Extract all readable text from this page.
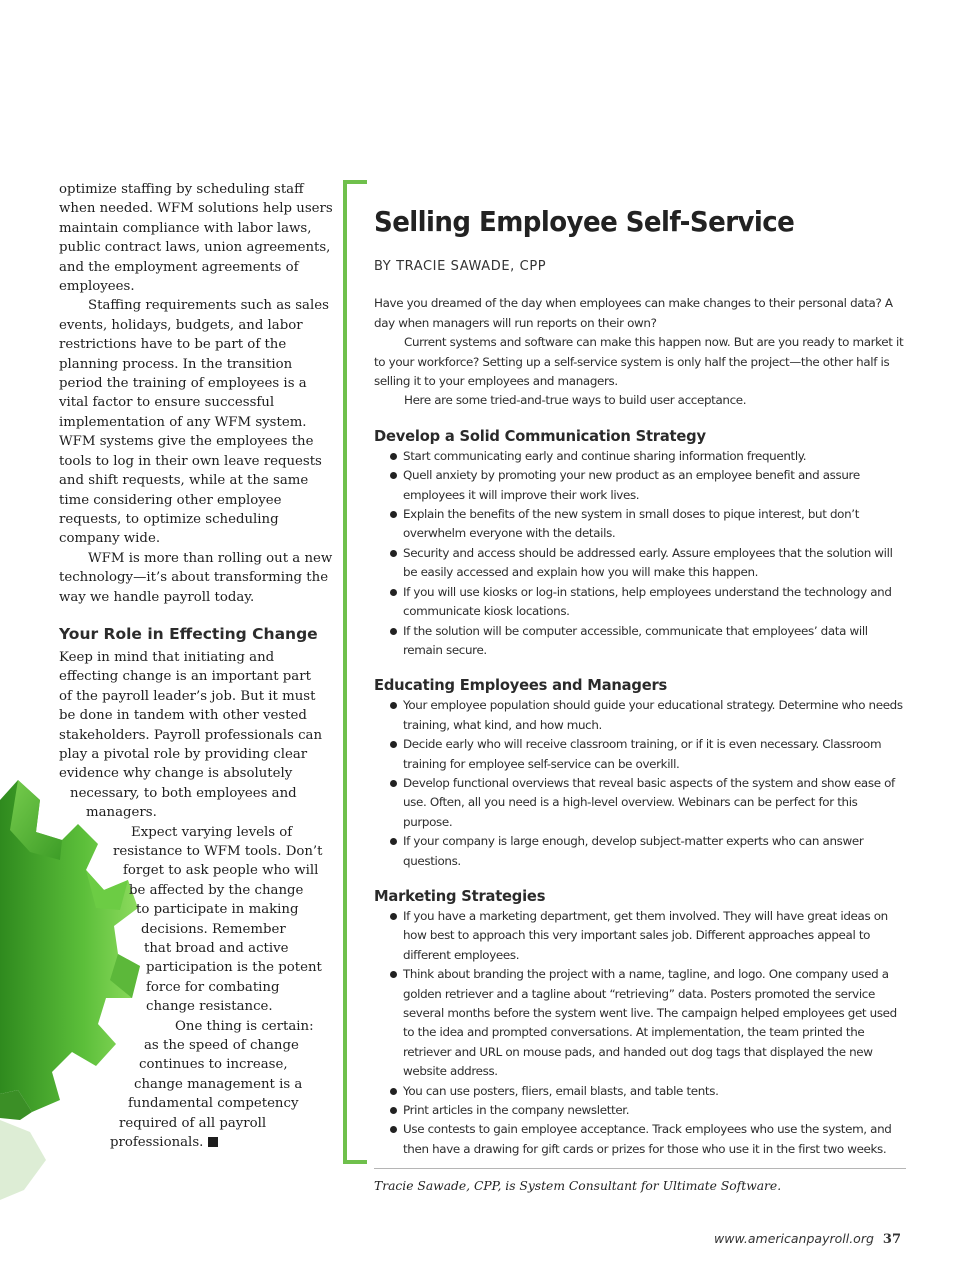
optimize staffing by scheduling staff
when needed. WFM solutions help users
maintain compliance with labor laws,
public contract laws, union agreements,
and the employment agreements of
employees.

Staffing requirements such as sales events, holidays, budgets, and labor restrictions have to be part of the planning process. In the transition period the training of employees is a vital factor to ensure successful implementation of any WFM system. WFM systems give the employees the tools to log in their own leave requests and shift requests, while at the same time considering other employee requests, to optimize scheduling company wide.

WFM is more than rolling out a new technology—it’s about transforming the way we handle payroll today.

Your Role in Effecting Change

Keep in mind that initiating and
effecting change is an important part
of the payroll leader’s job. But it must
be done in tandem with other vested
stakeholders. Payroll professionals can
play a pivotal role by providing clear
evidence why change is absolutely
necessary, to both employees and
managers.

Expect varying levels of
resistance to WFM tools. Don’t
forget to ask people who will
be affected by the change
to participate in making
decisions. Remember
that broad and active
participation is the potent
force for combating
change resistance.

One thing is certain:
as the speed of change
continues to increase,
change management is a
fundamental competency
required of all payroll
professionals.

Selling Employee Self-Service
BY TRACIE SAWADE, CPP

Have you dreamed of the day when employees can make changes to their personal data? A day when managers will run reports on their own?

Current systems and software can make this happen now. But are you ready to market it to your workforce? Setting up a self-service system is only half the project—the other half is selling it to your employees and managers.

Here are some tried-and-true ways to build user acceptance.

Develop a Solid Communication Strategy
Start communicating early and continue sharing information frequently.
Quell anxiety by promoting your new product as an employee benefit and assure employees it will improve their work lives.
Explain the benefits of the new system in small doses to pique interest, but don’t overwhelm everyone with the details.
Security and access should be addressed early. Assure employees that the solution will be easily accessed and explain how you will make this happen.
If you will use kiosks or log-in stations, help employees understand the technology and communicate kiosk locations.
If the solution will be computer accessible, communicate that employees’ data will remain secure.
Educating Employees and Managers
Your employee population should guide your educational strategy. Determine who needs training, what kind, and how much.
Decide early who will receive classroom training, or if it is even necessary. Classroom training for employee self-service can be overkill.
Develop functional overviews that reveal basic aspects of the system and show ease of use. Often, all you need is a high-level overview. Webinars can be perfect for this purpose.
If your company is large enough, develop subject-matter experts who can answer questions.
Marketing Strategies
If you have a marketing department, get them involved. They will have great ideas on how best to approach this very important sales job. Different approaches appeal to different employees.
Think about branding the project with a name, tagline, and logo. One company used a golden retriever and a tagline about “retrieving” data. Posters promoted the service several months before the system went live. The campaign helped employees get used to the idea and prompted conversations. At implementation, the team printed the retriever and URL on mouse pads, and handed out dog tags that displayed the new website address.
You can use posters, fliers, email blasts, and table tents.
Print articles in the company newsletter.
Use contests to gain employee acceptance. Track employees who use the system, and then have a drawing for gift cards or prizes for those who use it in the first two weeks.

Tracie Sawade, CPP, is System Consultant for Ultimate Software.

www.americanpayroll.org 37
